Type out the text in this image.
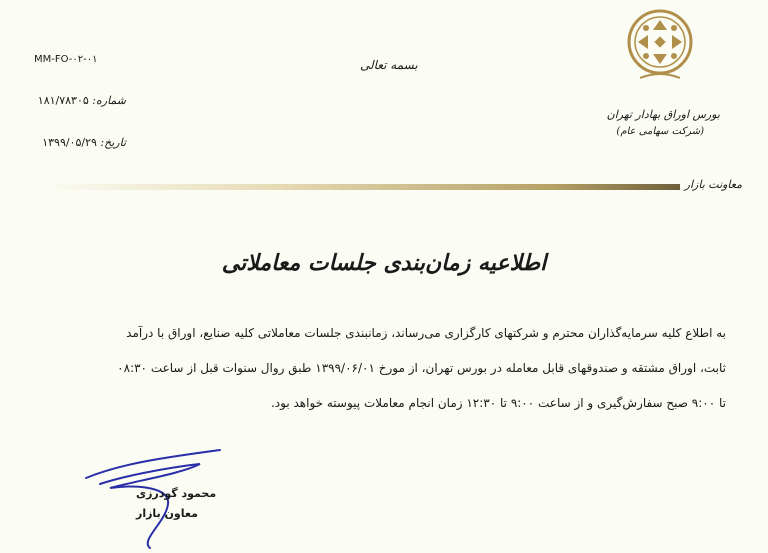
بورس اوراق بهادار تهران
(شرکت سهامی عام)
بسمه تعالی
MM-FO-۰۲-۰۱
شماره: ۱۸۱/۷۸۳۰۵
تاریخ: ۱۳۹۹/۰۵/۲۹
معاونت بازار
اطلاعیه زمان‌بندی جلسات معاملاتی

به اطلاع کلیه سرمایه‌گذاران محترم و شرکتهای کارگزاری می‌رساند، زمانبندی جلسات معاملاتی کلیه صنایع، اوراق با درآمد

ثابت، اوراق مشتقه و صندوقهای قابل معامله در بورس تهران، از مورخ ۱۳۹۹/۰۶/۰۱ طبق روال سنوات قبل از ساعت ۰۸:۳۰

تا ۹:۰۰ صبح سفارش‌گیری و از ساعت ۹:۰۰ تا ۱۲:۳۰ زمان انجام معاملات پیوسته خواهد بود.

محمود گودرزی
معاون بازار
